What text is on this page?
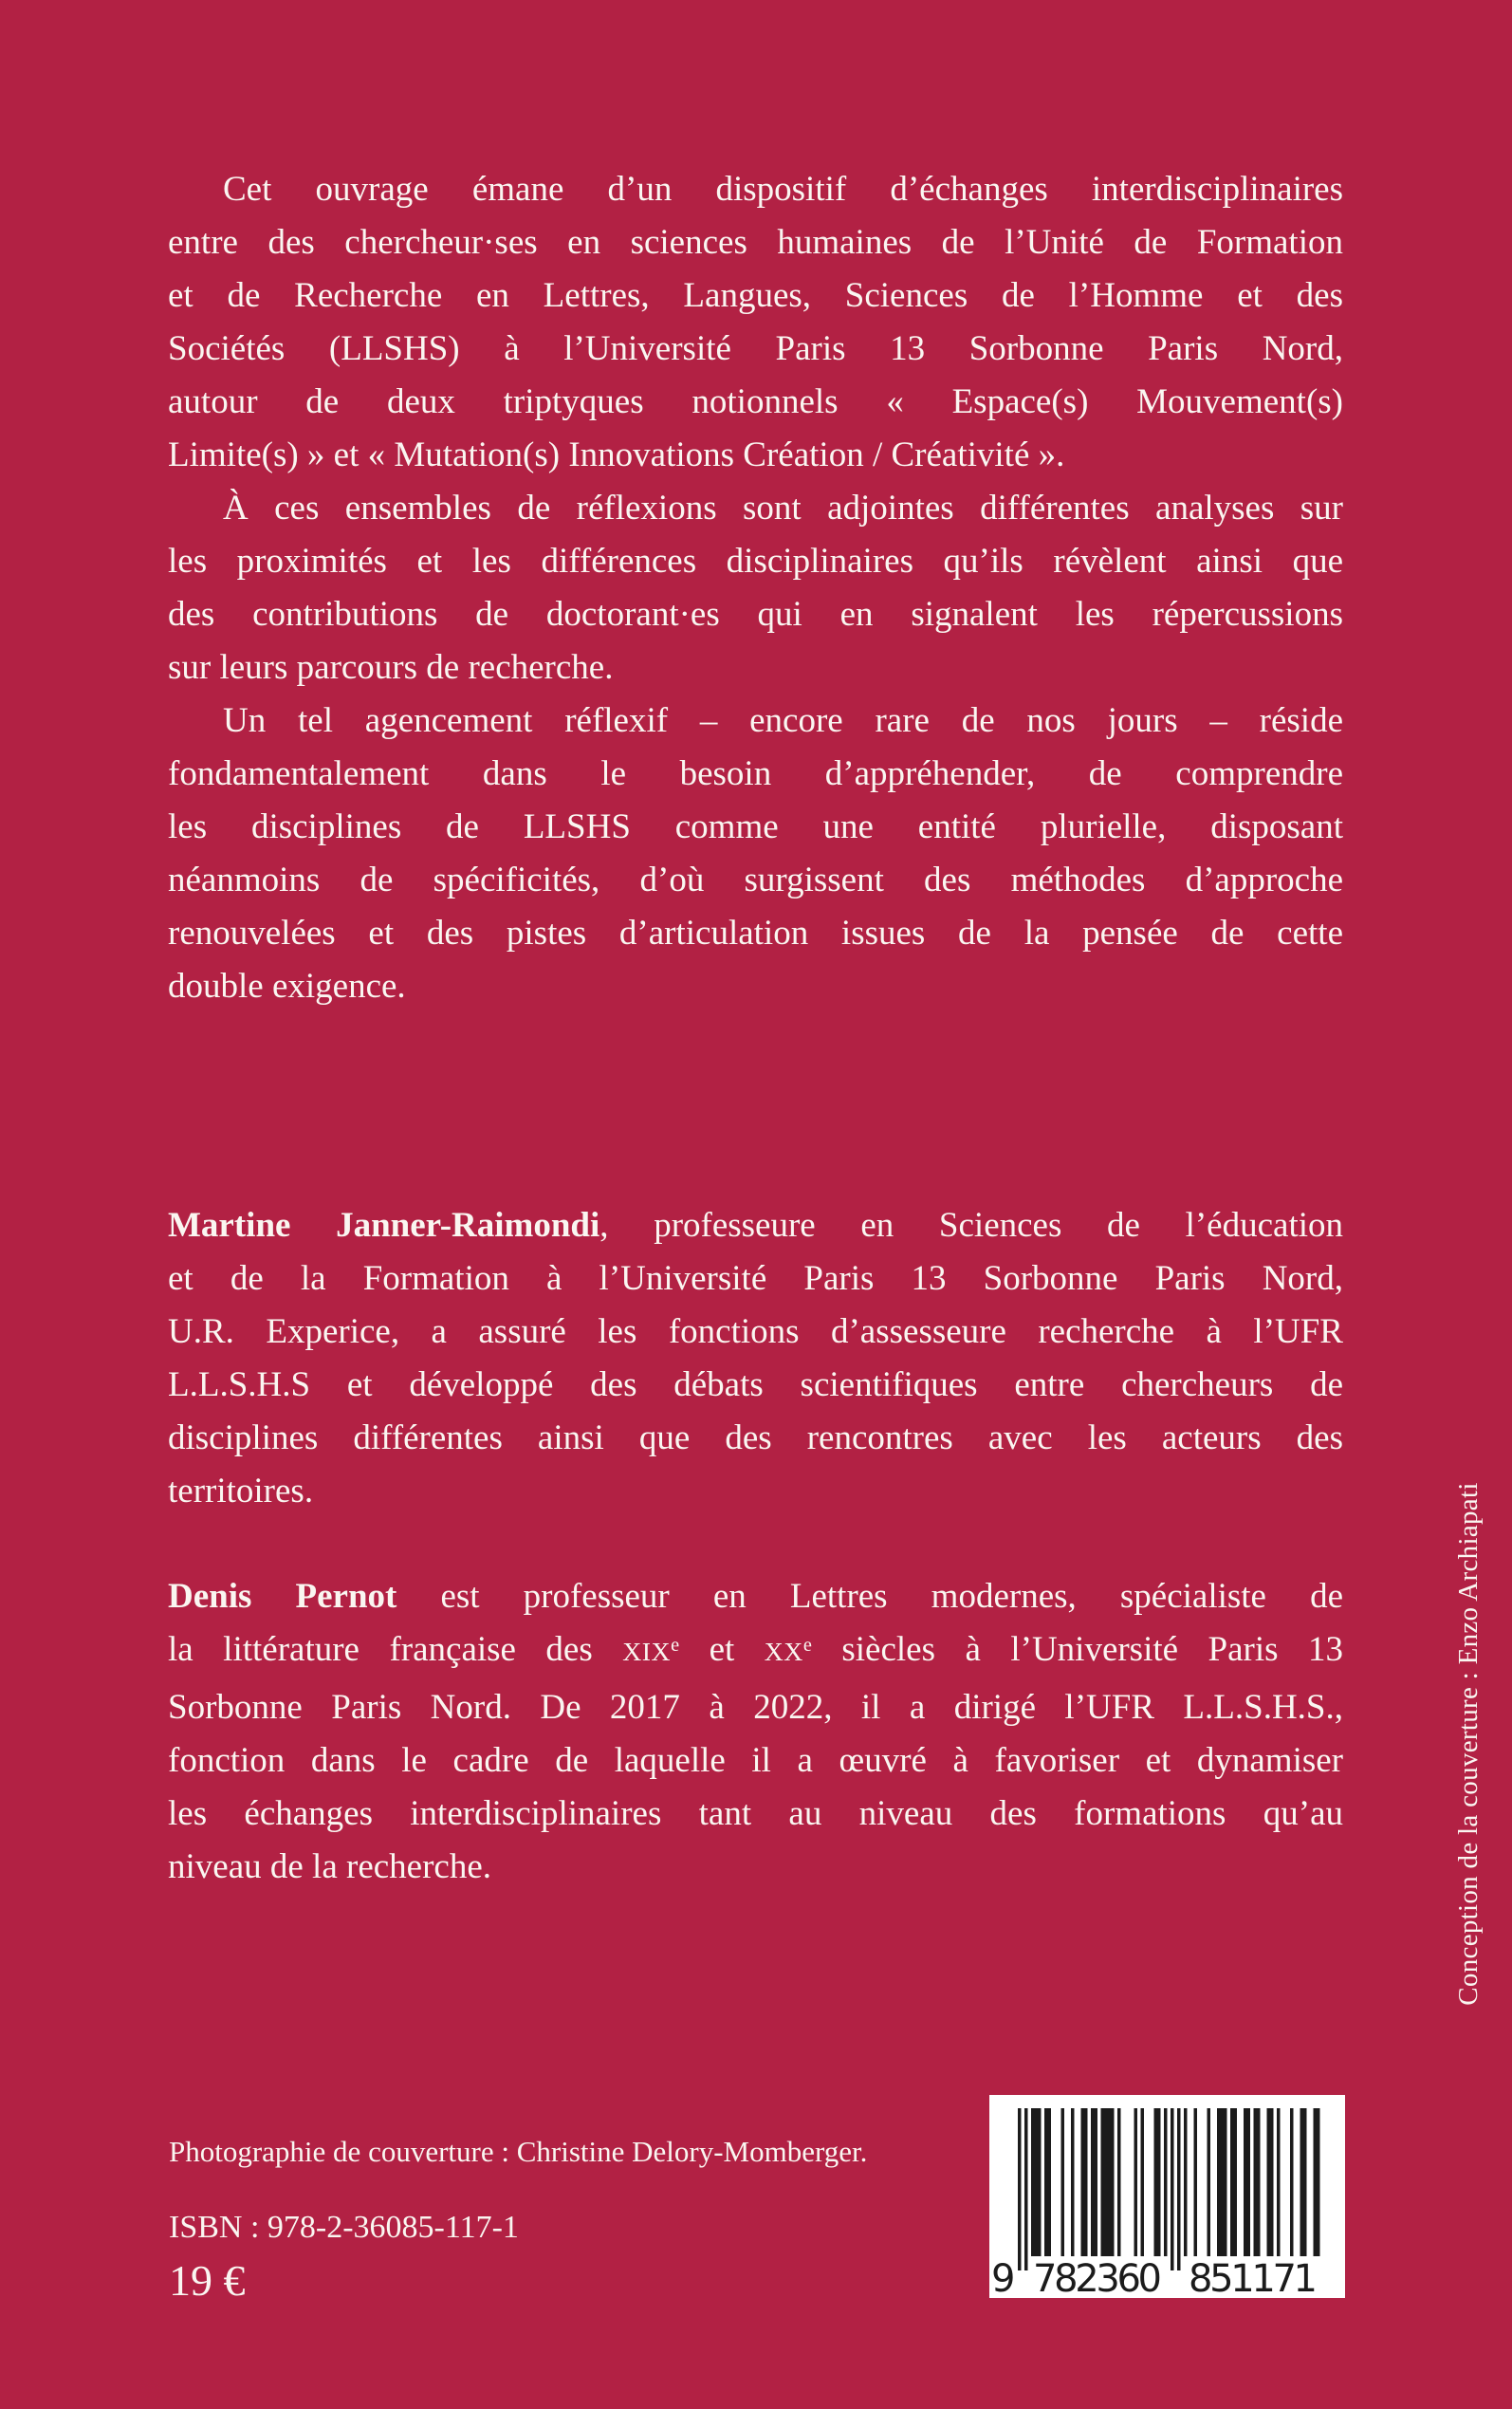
Cet ouvrage émane d’un dispositif d’échanges interdisciplinaires
entre des chercheur·ses en sciences humaines de l’Unité de Formation
et de Recherche en Lettres, Langues, Sciences de l’Homme et des
Sociétés (LLSHS) à l’Université Paris 13 Sorbonne Paris Nord,
autour de deux triptyques notionnels « Espace(s) Mouvement(s)
Limite(s) » et « Mutation(s) Innovations Création / Créativité ».
À ces ensembles de réflexions sont adjointes différentes analyses sur
les proximités et les différences disciplinaires qu’ils révèlent ainsi que
des contributions de doctorant·es qui en signalent les répercussions
sur leurs parcours de recherche.
Un tel agencement réflexif – encore rare de nos jours – réside
fondamentalement dans le besoin d’appréhender, de comprendre
les disciplines de LLSHS comme une entité plurielle, disposant
néanmoins de spécificités, d’où surgissent des méthodes d’approche
renouvelées et des pistes d’articulation issues de la pensée de cette
double exigence.
Martine Janner-Raimondi, professeure en Sciences de l’éducation
et de la Formation à l’Université Paris 13 Sorbonne Paris Nord,
U.R. Experice, a assuré les fonctions d’assesseure recherche à l’UFR
L.L.S.H.S et développé des débats scientifiques entre chercheurs de
disciplines différentes ainsi que des rencontres avec les acteurs des
territoires.
Denis Pernot est professeur en Lettres modernes, spécialiste de
la littérature française des XIXe et XXe siècles à l’Université Paris 13
Sorbonne Paris Nord. De 2017 à 2022, il a dirigé l’UFR L.L.S.H.S.,
fonction dans le cadre de laquelle il a œuvré à favoriser et dynamiser
les échanges interdisciplinaires tant au niveau des formations qu’au
niveau de la recherche.
Photographie de couverture : Christine Delory-Momberger.
ISBN : 978-2-36085-117-1
19 €	9 782360 851171
Conception de la couverture : Enzo Archiapati
